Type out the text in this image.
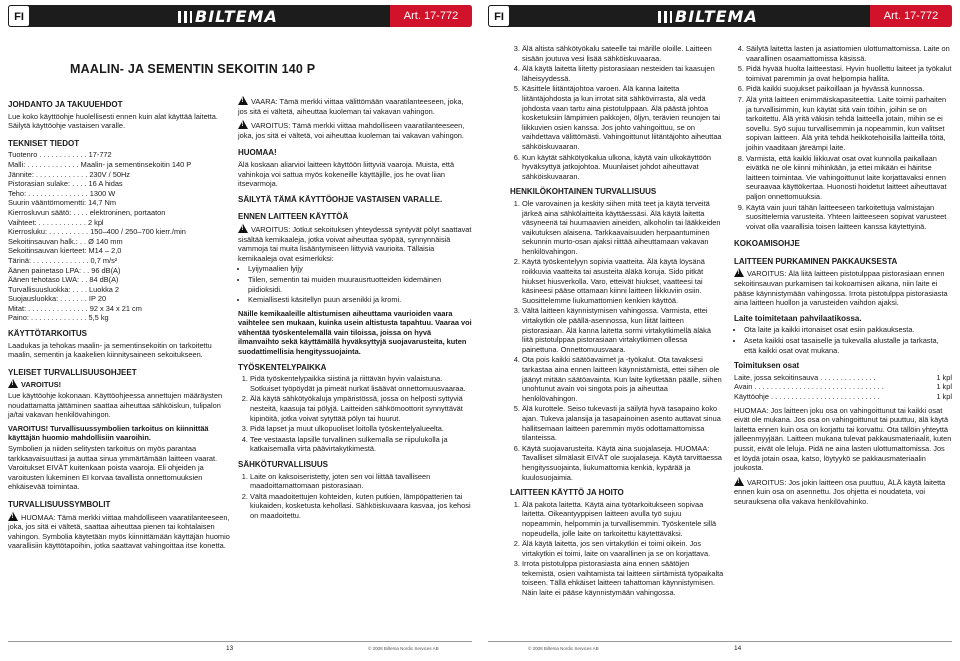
FI	BILTEMA	Art. 17-772
MAALIN- JA SEMENTIN SEKOITIN 140 P
JOHDANTO JA TAKUUEHDOT

Lue koko käyttöohje huolellisesti ennen kuin alat käyttää laitetta. Säilytä käyttöohje vastaisen varalle.

TEKNISET TIEDOT
Tuotenro . . . . . . . . . . . . 17-772
Malli: . . . . . . . . . . . . . Maalin- ja sementinsekoitin 140 P
Jännite: . . . . . . . . . . . . . 230V / 50Hz
Pistorasian sulake: . . . . 16 A hidas
Teho: . . . . . . . . . . . . . . . 1300 W
Suurin vääntömomentti: 14,7 Nm
Kierrosluvun säätö: . . . . elektroninen, portaaton
Vaihteet: . . . . . . . . . . . . 2 kpl
Kierrosluku: . . . . . . . . . . 150–400 / 250–700 kierr./min
Sekoitinsauvan halk.: . . Ø 140 mm
Sekoitinsauvan kierteet: M14 – 2,0
Tärinä: . . . . . . . . . . . . . . 0,7 m/s²
Äänen painetaso LPA: . . 96 dB(A)
Äänen tehotaso LWA: . . 84 dB(A)
Turvallisuusluokka: . . . . Luokka 2
Suojausluokka: . . . . . . . IP 20
Mitat: . . . . . . . . . . . . . . . 92 x 34 x 21 cm
Paino: . . . . . . . . . . . . . . 5,5 kg
KÄYTTÖTARKOITUS

Laadukas ja tehokas maalin- ja sementinsekoitin on tarkoitettu maalin, sementin ja kaakelien kiinnitysaineen sekoitukseen.

YLEISET TURVALLISUUSOHJEET

!VAROITUS!

Lue käyttöohje kokonaan. Käyttöohjeessa annettujen määräysten noudattamatta jättäminen saattaa aiheuttaa sähköiskun, tulipalon ja/tai vakavan henkilövahingon.

VAROITUS! Turvallisuussymbolien tarkoitus on kiinnittää käyttäjän huomio mahdollisiin vaaroihin.

Symbolien ja niiden selitysten tarkoitus on myös parantaa tarkkaavaisuuttasi ja auttaa sinua ymmärtämään laitteen vaarat. Varoitukset EIVÄT kuitenkaan poista vaaroja. Eli ohjeiden ja varoitusten lukeminen EI korvaa tavallista onnettomuuksien ehkäisevää toimintaa.

TURVALLISUUSSYMBOLIT

!HUOMAA: Tämä merkki viittaa mahdolliseen vaaratilanteeseen, joka, jos sitä ei vältetä, saattaa aiheuttaa pienen tai kohtalaisen vahingon. Symbolia käytetään myös kiinnittämään käyttäjän huomio vaarallisiin käyttötapoihin, jotka saattavat vahingoittaa itse konetta.

!VAARA: Tämä merkki viittaa välittömään vaaratilanteeseen, joka, jos sitä ei vältetä, aiheuttaa kuoleman tai vakavan vahingon.

!VAROITUS: Tämä merkki viittaa mahdolliseen vaaratilanteeseen, joka, jos sitä ei vältetä, voi aiheuttaa kuoleman tai vakavan vahingon.

HUOMAA!

Älä koskaan aliarvioi laitteen käyttöön liittyviä vaaroja. Muista, että vahinkoja voi sattua myös kokeneille käyttäjille, jos he ovat liian itsevarmoja.

SÄILYTÄ TÄMÄ KÄYTTÖOHJE VASTAISEN VARALLE.
ENNEN LAITTEEN KÄYTTÖÄ

!VAROITUS: Jotkut sekoituksen yhteydessä syntyvät pölyt saattavat sisältää kemikaaleja, jotka voivat aiheuttaa syöpää, synnynnäisiä vammoja tai muita lisääntymiseen liittyviä vaurioita. Tällaisia kemikaaleja ovat esimerkiksi:

• Lyijymaalien lyijy
• Tiilen, sementin tai muiden muurausrtuotteiden kidemäinen piidioksidi.
• Kemiallisesti käsitellyn puun arsenikki ja kromi.

Näille kemikaaleille altistumisen aiheuttama vaurioiden vaara vaihtelee sen mukaan, kuinka usein altistusta tapahtuu. Vaaraa voi vähentää työskentelemällä vain tiloissa, joissa on hyvä ilmanvaihto sekä käyttämällä hyväksyttyjä suojavarusteita, kuten suodattimellisia hengityssuojainta.

TYÖSKENTELYPAIKKA
1. Pidä työskentelypaikka siistinä ja riittävän hyvin valaistuna. Sotkuiset työpöydät ja pimeät nurkat lisäävät onnettomuusvaaraa.
2. Älä käytä sähkötyökaluja ympäristössä, jossa on helposti syttyviä nesteitä, kaasuja tai pölyjä. Laitteiden sähkömoottorit synnyttävät kipinöitä, jotka voivat sytyttää pölyn tai huurut.
3. Pidä lapset ja muut ulkopuoliset loitolla työskentelyalueelta.
4. Tee vestaasta lapsille turvallinen sulkemalla se riipulukolla ja katkaisemalla virta päävirtakytkimestä.
SÄHKÖTURVALLISUUS
1. Laite on kaksoiseristetty, joten sen voi liittää tavalliseen maadoittamattomaan pistorasiaan.
2. Vältä maadoitettujen kohteiden, kuten putkien, lämpöpatterien tai kiukaiden, kosketusta kehollasi. Sähköiskuvaara kasvaa, jos kehosi on maadoitettu.
13	© 2008 Biltema Nordic Services AB
FI	BILTEMA	Art. 17-772
3. Älä altista sähkötyökalu sateelle tai märille oloille. Laitteen sisään joutuva vesi lisää sähköiskuvaaraa.
4. Älä käytä laitetta liitetty pistorasiaan nesteiden tai kaasujen läheisyydessä.
5. Käsittele liitäntäjohtoa varoen. Älä kanna laitetta liitäntäjohdosta ja kun irrotat sitä sähkövirrasta, älä vedä johdosta vaan tartu aina pistotulppaan. Älä päästä johtoa kosketuksiin lämpimien pakkojen, öljyn, terävien reunojen tai liikkuvien osien kanssa. Jos johto vahingoittuu, se on vaihdettava välittömästi. Vahingoittunut liitäntäjohto aiheuttaa sähköiskuvaaran.
6. Kun käytät sähkötyökalua ulkona, käytä vain ulkokäyttöön hyväksyttyä jatkojohtoa. Muunlaiset johdot aiheuttavat sähköiskuvaaran.
HENKILÖKOHTAINEN TURVALLISUUS
1. Ole varovainen ja keskity siihen mitä teet ja käytä terveitä järkeä aina sähkölaitteita käyttäessäsi. Älä käytä laitetta väsyneenä tai huumaavien aineiden, alkoholin tai lääkkeiden vaikutuksen alaisena. Tarkkaavaisuuden herpaantuminen sekunnin murto-osan ajaksi riittää aiheuttamaan vakavan henkilövahingon.
2. Käytä työskentelyyn sopivia vaatteita. Älä käytä löysänä roikkuvia vaatteita tai asusteita äläkä koruja. Sido pitkät hiukset hiusverkolla. Varo, etteivät hiukset, vaatteesi tai käsineesi pääse ottamaan kiinni laitteen liikkuviin osiin. Suosittelemme liukumattomien kenkien käyttöä.
3. Vältä laitteen käynnistymisen vahingossa. Varmista, ettei virtakytkin ole päällä-asennossa, kun liität laitteen pistorasiaan. Älä kanna laitetta sormi virtakytkimellä äläkä liitä pistotulppaa pistorasiaan virtakytkimen ollessa painettuna. Onnettomuusvaara.
4. Ota pois kaikki säätöavaimet ja -työkalut. Ota tavaksesi tarkastaa aina ennen laitteen käynnistämistä, ettei siihen ole jäänyt mitään säätöavainta. Kun laite kytketään päälle, siihen unohtunut avain voi singota pois ja aiheuttaa henkilövahingon.
5. Älä kurottele. Seiso tukevasti ja säilytä hyvä tasapaino koko ajan. Tukeva jalansija ja tasapainoinen asento auttavat sinua hallitsemaan laitteen paremmin myös odottamattomissa tilanteissa.
6. Käytä suojavarusteita. Käytä aina suojalaseja. HUOMAA: Tavalliset silmälasit EIVÄT ole suojalaseja. Käytä tarvittaessa hengityssuojainta, liukumattomia kenkiä, kypärää ja kuulosuojaimia.
LAITTEEN KÄYTTÖ JA HOITO
1. Älä pakota laitetta. Käytä aina työtarkoitukseen sopivaa laitetta. Oikeantyyppisen laitteen avulla työ sujuu nopeammin, helpommin ja turvallisemmin. Työskentele sillä nopeudella, jolle laite on tarkoitettu käytettäväksi.
2. Älä käytä laitetta, jos sen virtakytkin ei toimi oikein. Jos virtakytkin ei toimi, laite on vaarallinen ja se on korjattava.
3. Irrota pistotulppa pistorasiasta aina ennen säätöjen tekemistä, osien vaihtamista tai laitteen siirtämistä työpaikalta toiseen. Tällä ehkäiset laitteen tahattoman käynnistymisen. Näin laite ei pääse käynnistymään vahingossa.
4. Säilytä laitetta lasten ja asiattomien ulottumattomissa. Laite on vaarallinen osaamattomissa käsissä.
5. Pidä hyvää huolta laitteestasi. Hyvin huollettu laiteet ja työkalut toimivat paremmin ja ovat helpompia hallita.
6. Pidä kaikki suojukset paikoillaan ja hyvässä kunnossa.
7. Älä yritä laitteen enimmäiskapasiteettia. Laite toimii parhaiten ja turvallisimmin, kun käytät sitä vain töihin, joihin se on tarkoitettu. Älä yritä väkisin tehdä laitteella jotain, mihin se ei sovellu. Syö sujuu turvallisemmin ja nopeammin, kun valitset sopivan laitteen. Älä yritä tehdä heikkotehoisilla laitteilla töitä, joihin vaaditaan järeämpi laite.
8. Varmista, että kaikki liikkuvat osat ovat kunnolla paikallaan eivätkä ne ole kiinni mihinkään, ja ettei mikään ei häiritse laitteen toimintaa. Vie vahingoittunut laite korjattavaksi ennen seuraavaa käyttökertaa. Huonosti hoidetut laitteet aiheuttavat paljon onnettomuuksia.
9. Käytä vain juuri tähän laitteeseen tarkoitettuja valmistajan suosittelemia varusteita. Yhteen laitteeseen sopivat varusteet voivat olla vaarallisia toisen laitteen kanssa käytettyinä.
KOKOAMISOHJE
LAITTEEN PURKAMINEN PAKKAUKSESTA

!VAROITUS: Älä liitä laitteen pistotulppaa pistorasiaan ennen sekoitinsauvan purkamisen tai kokoamisen aikana, niin laite ei pääse käynnistymään vahingossa. Irrota pistotulppa pistorasiasta aina laitteen huollon ja varusteiden vaihdon ajaksi.

Laite toimitetaan pahvilaatikossa.
• Ota laite ja kaikki irtonaiset osat esiin pakkauksesta.
• Aseta kaikki osat tasaiselle ja tukevalla alustalle ja tarkasta, että kaikki osat ovat mukana.
Toimituksen osat
Laite, jossa sekoitinsauva . . . . . . . . . . . . . .	1 kpl
Avain . . . . . . . . . . . . . . . . . . . . . . . . . . . . . . . .	1 kpl
Käyttöohje . . . . . . . . . . . . . . . . . . . . . . . . . . .	1 kpl

HUOMAA: Jos laitteen joku osa on vahingoittunut tai kaikki osat eivät ole mukana. Jos osa on vahingoittunut tai puuttuu, älä käytä laitetta ennen kuin osa on korjattu tai korvattu. Ota tällöin yhteyttä jälleenmyyjään. Laitteen mukana tulevat pakkausmateriaalit, kuten pussit, eivät ole leluja. Pidä ne aina lasten ulottumattomissa. Jos et löydä jotain osaa, katso, löytyykö se pakkausmateriaalin joukosta.

!VAROITUS: Jos jokin laitteen osa puuttuu, ÄLÄ käytä laitetta ennen kuin osa on asennettu. Jos ohjetta ei noudateta, voi seurauksena olla vakava henkilövahinko.

© 2008 Biltema Nordic Services AB	14
